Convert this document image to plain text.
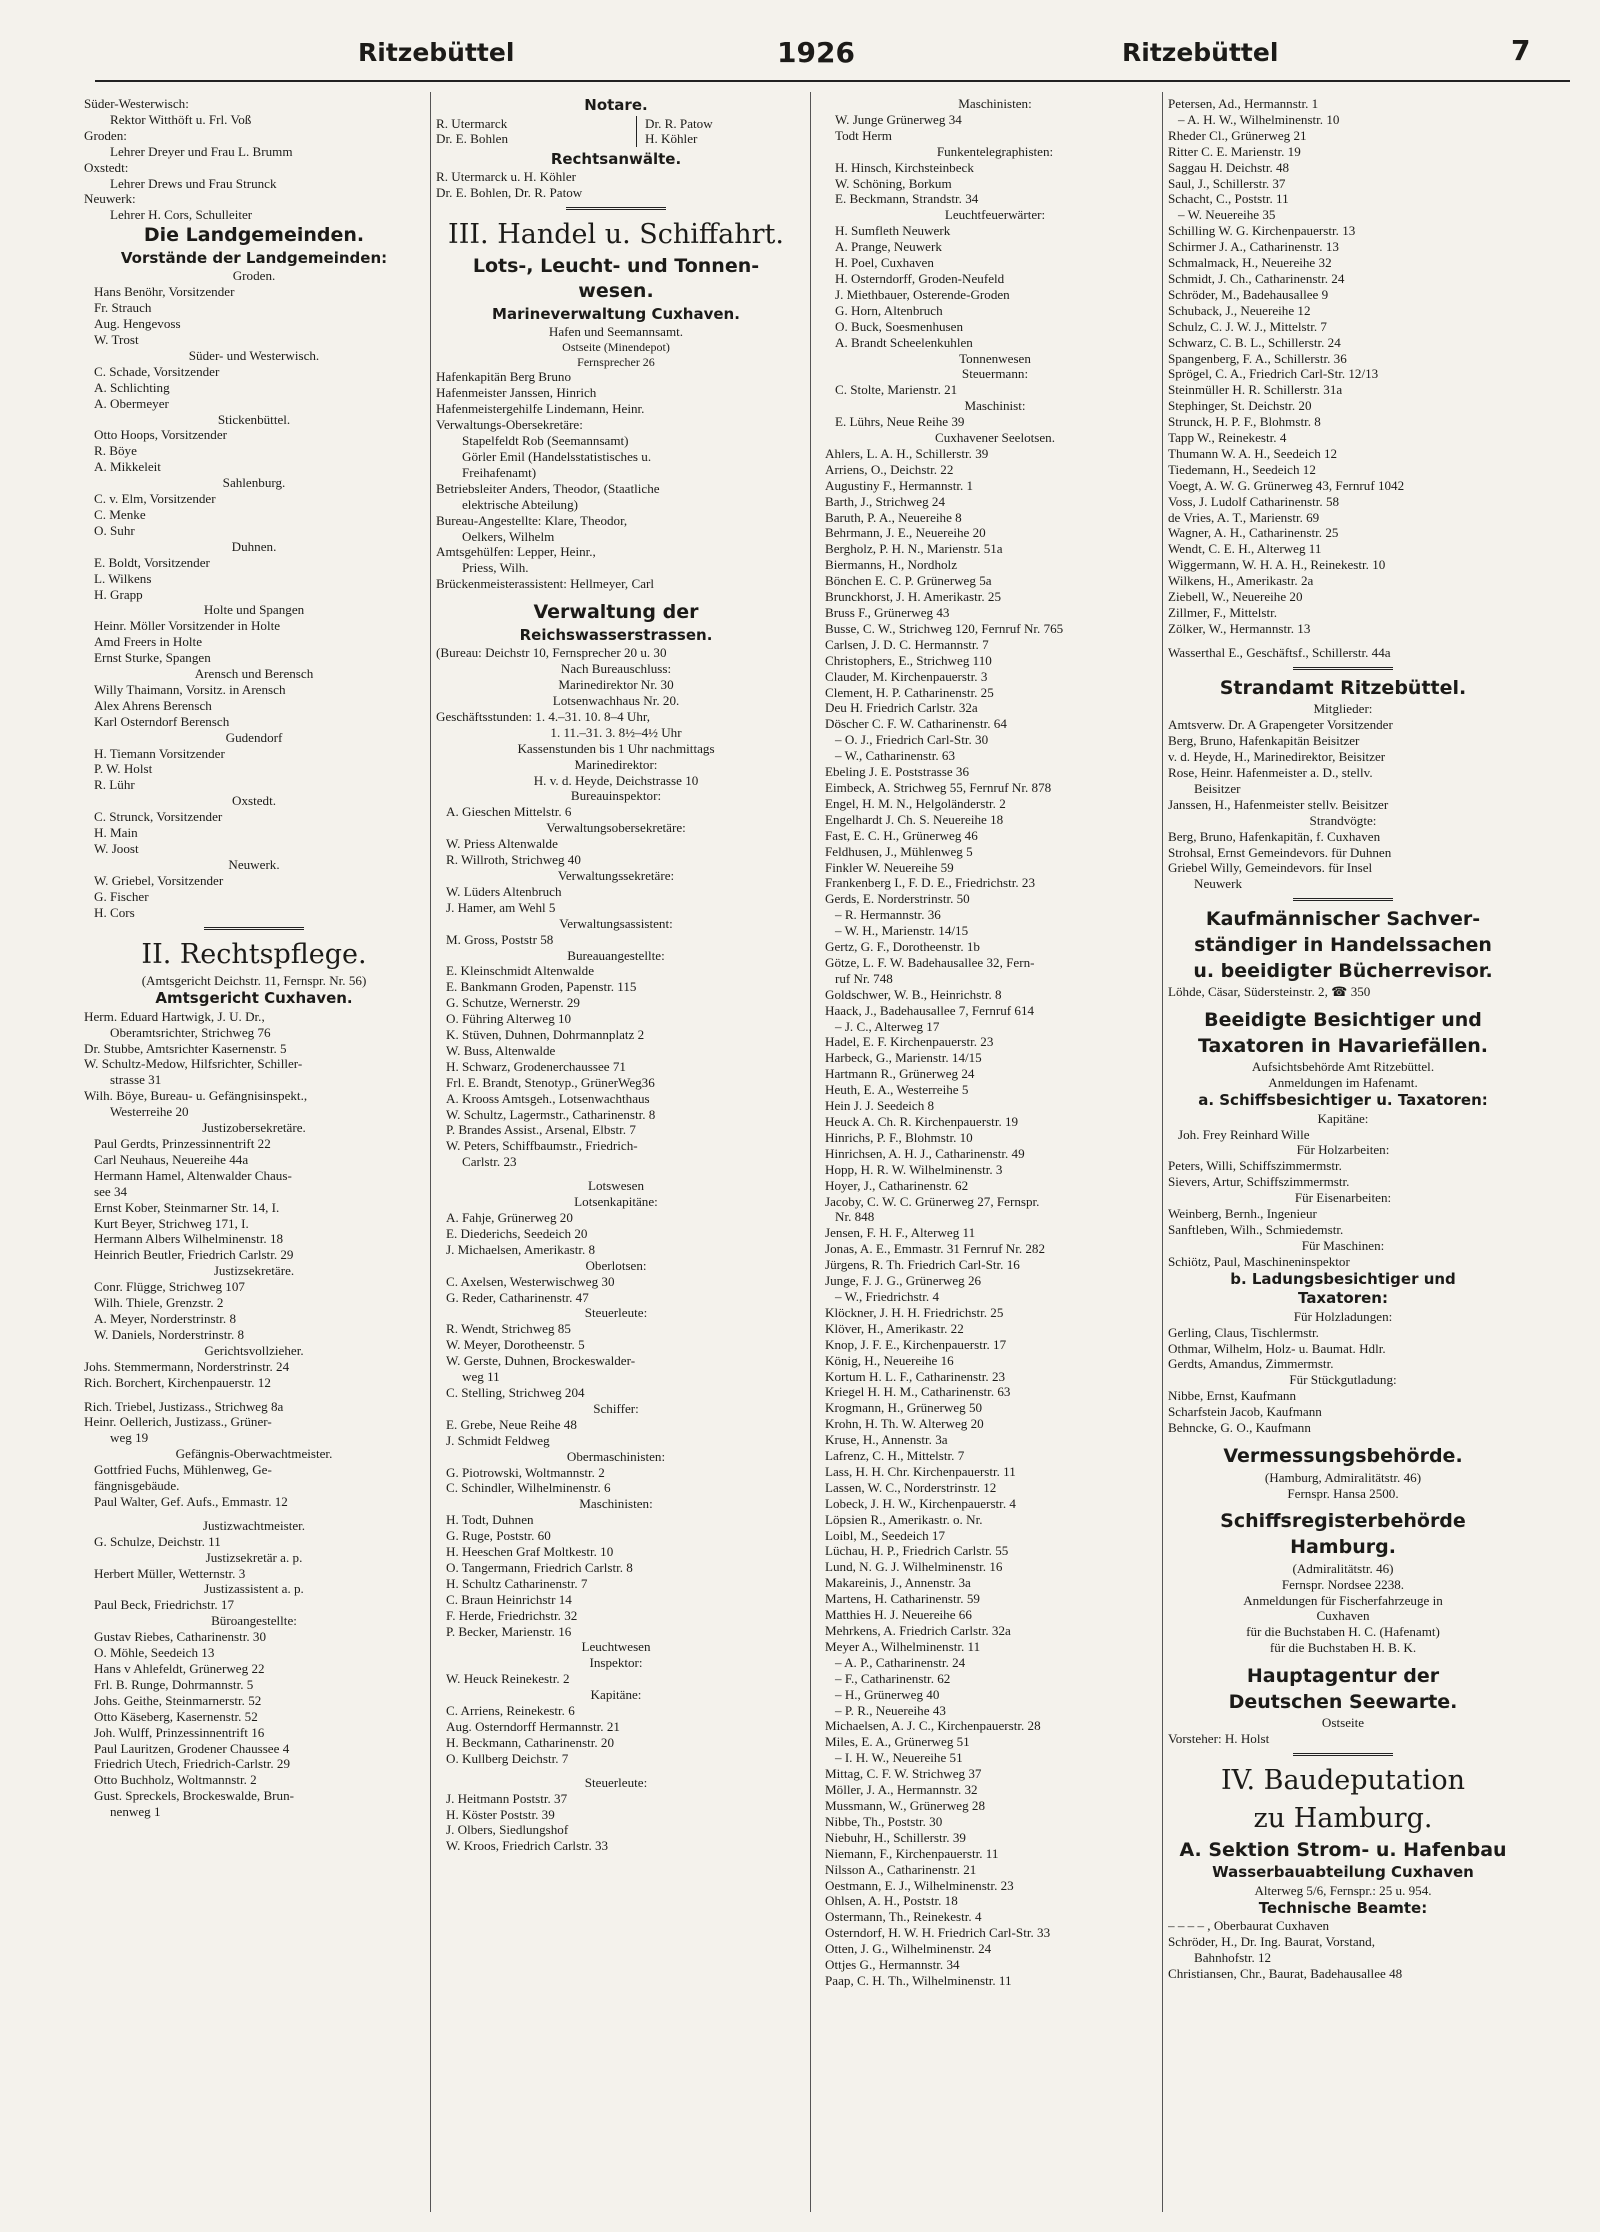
Ritzebüttel	1926	Ritzebüttel	7
Süder-Westerwisch:
Rektor Witthöft u. Frl. Voß
Groden:
Lehrer Dreyer und Frau L. Brumm
Oxstedt:
Lehrer Drews und Frau Strunck
Neuwerk:
Lehrer H. Cors, Schulleiter
Die Landgemeinden.
Vorstände der Landgemeinden:
Groden.
Hans Benöhr, Vorsitzender
Fr. Strauch
Aug. Hengevoss
W. Trost
Süder- und Westerwisch.
C. Schade, Vorsitzender
A. Schlichting
A. Obermeyer
Stickenbüttel.
Otto Hoops, Vorsitzender
R. Böye
A. Mikkeleit
Sahlenburg.
C. v. Elm, Vorsitzender
C. Menke
O. Suhr
Duhnen.
E. Boldt, Vorsitzender
L. Wilkens
H. Grapp
Holte und Spangen
Heinr. Möller Vorsitzender in Holte
Amd Freers in Holte
Ernst Sturke, Spangen
Arensch und Berensch
Willy Thaimann, Vorsitz. in Arensch
Alex Ahrens Berensch
Karl Osterndorf Berensch
Gudendorf
H. Tiemann Vorsitzender
P. W. Holst
R. Lühr
Oxstedt.
C. Strunck, Vorsitzender
H. Main
W. Joost
Neuwerk.
W. Griebel, Vorsitzender
G. Fischer
H. Cors
II. Rechtspflege.
(Amtsgericht Deichstr. 11, Fernspr. Nr. 56)
Amtsgericht Cuxhaven.
Herm. Eduard Hartwigk, J. U. Dr.,
Oberamtsrichter, Strichweg 76
Dr. Stubbe, Amtsrichter Kasernenstr. 5
W. Schultz-Medow, Hilfsrichter, Schiller-
strasse 31
Wilh. Böye, Bureau- u. Gefängnisinspekt.,
Westerreihe 20
Justizobersekretäre.
Paul Gerdts, Prinzessinnentrift 22
Carl Neuhaus, Neuereihe 44a
Hermann Hamel, Altenwalder Chaus-
see 34
Ernst Kober, Steinmarner Str. 14, I.
Kurt Beyer, Strichweg 171, I.
Hermann Albers Wilhelminenstr. 18
Heinrich Beutler, Friedrich Carlstr. 29
Justizsekretäre.
Conr. Flügge, Strichweg 107
Wilh. Thiele, Grenzstr. 2
A. Meyer, Norderstrinstr. 8
W. Daniels, Norderstrinstr. 8
Gerichtsvollzieher.
Johs. Stemmermann, Norderstrinstr. 24
Rich. Borchert, Kirchenpauerstr. 12
Rich. Triebel, Justizass., Strichweg 8a
Heinr. Oellerich, Justizass., Grüner-
weg 19
Gefängnis-Oberwachtmeister.
Gottfried Fuchs, Mühlenweg, Ge-
fängnisgebäude.
Paul Walter, Gef. Aufs., Emmastr. 12
Justizwachtmeister.
G. Schulze, Deichstr. 11
Justizsekretär a. p.
Herbert Müller, Wetternstr. 3
Justizassistent a. p.
Paul Beck, Friedrichstr. 17
Büroangestellte:
Gustav Riebes, Catharinenstr. 30
O. Möhle, Seedeich 13
Hans v Ahlefeldt, Grünerweg 22
Frl. B. Runge, Dohrmannstr. 5
Johs. Geithe, Steinmarnerstr. 52
Otto Käseberg, Kasernenstr. 52
Joh. Wulff, Prinzessinnentrift 16
Paul Lauritzen, Grodener Chaussee 4
Friedrich Utech, Friedrich-Carlstr. 29
Otto Buchholz, Woltmannstr. 2
Gust. Spreckels, Brockeswalde, Brun-
nenweg 1
Notare.
R. Utermarck
Dr. E. Bohlen
Dr. R. Patow
H. Köhler
Rechtsanwälte.
R. Utermarck u. H. Köhler
Dr. E. Bohlen, Dr. R. Patow
III. Handel u. Schiffahrt.
Lots-, Leucht- und Tonnen-
wesen.
Marineverwaltung Cuxhaven.
Hafen und Seemannsamt.
Ostseite (Minendepot)
Fernsprecher 26
Hafenkapitän Berg Bruno
Hafenmeister Janssen, Hinrich
Hafenmeistergehilfe Lindemann, Heinr.
Verwaltungs-Obersekretäre:
Stapelfeldt Rob (Seemannsamt)
Görler Emil (Handelsstatistisches u.
Freihafenamt)
Betriebsleiter Anders, Theodor, (Staatliche
elektrische Abteilung)
Bureau-Angestellte: Klare, Theodor,
Oelkers, Wilhelm
Amtsgehülfen: Lepper, Heinr.,
Priess, Wilh.
Brückenmeisterassistent: Hellmeyer, Carl
Verwaltung der
Reichswasserstrassen.
(Bureau: Deichstr 10, Fernsprecher 20 u. 30
Nach Bureauschluss:
Marinedirektor Nr. 30
Lotsenwachhaus Nr. 20.
Geschäftsstunden: 1. 4.–31. 10. 8–4 Uhr,
1. 11.–31. 3. 8½–4½ Uhr
Kassenstunden bis 1 Uhr nachmittags
Marinedirektor:
H. v. d. Heyde, Deichstrasse 10
Bureauinspektor:
A. Gieschen Mittelstr. 6
Verwaltungsobersekretäre:
W. Priess Altenwalde
R. Willroth, Strichweg 40
Verwaltungssekretäre:
W. Lüders Altenbruch
J. Hamer, am Wehl 5
Verwaltungsassistent:
M. Gross, Poststr 58
Bureauangestellte:
E. Kleinschmidt Altenwalde
E. Bankmann Groden, Papenstr. 115
G. Schutze, Wernerstr. 29
O. Führing Alterweg 10
K. Stüven, Duhnen, Dohrmannplatz 2
W. Buss, Altenwalde
H. Schwarz, Grodenerchaussee 71
Frl. E. Brandt, Stenotyp., GrünerWeg36
A. Krooss Amtsgeh., Lotsenwachthaus
W. Schultz, Lagermstr., Catharinenstr. 8
P. Brandes Assist., Arsenal, Elbstr. 7
W. Peters, Schiffbaumstr., Friedrich-
Carlstr. 23
Lotswesen
Lotsenkapitäne:
A. Fahje, Grünerweg 20
E. Diederichs, Seedeich 20
J. Michaelsen, Amerikastr. 8
Oberlotsen:
C. Axelsen, Westerwischweg 30
G. Reder, Catharinenstr. 47
Steuerleute:
R. Wendt, Strichweg 85
W. Meyer, Dorotheenstr. 5
W. Gerste, Duhnen, Brockeswalder-
weg 11
C. Stelling, Strichweg 204
Schiffer:
E. Grebe, Neue Reihe 48
J. Schmidt Feldweg
Obermaschinisten:
G. Piotrowski, Woltmannstr. 2
C. Schindler, Wilhelminenstr. 6
Maschinisten:
H. Todt, Duhnen
G. Ruge, Poststr. 60
H. Heeschen Graf Moltkestr. 10
O. Tangermann, Friedrich Carlstr. 8
H. Schultz Catharinenstr. 7
C. Braun Heinrichstr 14
F. Herde, Friedrichstr. 32
P. Becker, Marienstr. 16
Leuchtwesen
Inspektor:
W. Heuck Reinekestr. 2
Kapitäne:
C. Arriens, Reinekestr. 6
Aug. Osterndorff Hermannstr. 21
H. Beckmann, Catharinenstr. 20
O. Kullberg Deichstr. 7
Steuerleute:
J. Heitmann Poststr. 37
H. Köster Poststr. 39
J. Olbers, Siedlungshof
W. Kroos, Friedrich Carlstr. 33
Maschinisten:
W. Junge Grünerweg 34
Todt Herm
Funkentelegraphisten:
H. Hinsch, Kirchsteinbeck
W. Schöning, Borkum
E. Beckmann, Strandstr. 34
Leuchtfeuerwärter:
H. Sumfleth Neuwerk
A. Prange, Neuwerk
H. Poel, Cuxhaven
H. Osterndorff, Groden-Neufeld
J. Miethbauer, Osterende-Groden
G. Horn, Altenbruch
O. Buck, Soesmenhusen
A. Brandt Scheelenkuhlen
Tonnenwesen
Steuermann:
C. Stolte, Marienstr. 21
Maschinist:
E. Lührs, Neue Reihe 39
Cuxhavener Seelotsen.
Ahlers, L. A. H., Schillerstr. 39
Arriens, O., Deichstr. 22
Augustiny F., Hermannstr. 1
Barth, J., Strichweg 24
Baruth, P. A., Neuereihe 8
Behrmann, J. E., Neuereihe 20
Bergholz, P. H. N., Marienstr. 51a
Biermanns, H., Nordholz
Bönchen E. C. P. Grünerweg 5a
Brunckhorst, J. H. Amerikastr. 25
Bruss F., Grünerweg 43
Busse, C. W., Strichweg 120, Fernruf Nr. 765
Carlsen, J. D. C. Hermannstr. 7
Christophers, E., Strichweg 110
Clauder, M. Kirchenpauerstr. 3
Clement, H. P. Catharinenstr. 25
Deu H. Friedrich Carlstr. 32a
Döscher C. F. W. Catharinenstr. 64
– O. J., Friedrich Carl-Str. 30
– W., Catharinenstr. 63
Ebeling J. E. Poststrasse 36
Eimbeck, A. Strichweg 55, Fernruf Nr. 878
Engel, H. M. N., Helgoländerstr. 2
Engelhardt J. Ch. S. Neuereihe 18
Fast, E. C. H., Grünerweg 46
Feldhusen, J., Mühlenweg 5
Finkler W. Neuereihe 59
Frankenberg I., F. D. E., Friedrichstr. 23
Gerds, E. Norderstrinstr. 50
– R. Hermannstr. 36
– W. H., Marienstr. 14/15
Gertz, G. F., Dorotheenstr. 1b
Götze, L. F. W. Badehausallee 32, Fern-
ruf Nr. 748
Goldschwer, W. B., Heinrichstr. 8
Haack, J., Badehausallee 7, Fernruf 614
– J. C., Alterweg 17
Hadel, E. F. Kirchenpauerstr. 23
Harbeck, G., Marienstr. 14/15
Hartmann R., Grünerweg 24
Heuth, E. A., Westerreihe 5
Hein J. J. Seedeich 8
Heuck A. Ch. R. Kirchenpauerstr. 19
Hinrichs, P. F., Blohmstr. 10
Hinrichsen, A. H. J., Catharinenstr. 49
Hopp, H. R. W. Wilhelminenstr. 3
Hoyer, J., Catharinenstr. 62
Jacoby, C. W. C. Grünerweg 27, Fernspr.
Nr. 848
Jensen, F. H. F., Alterweg 11
Jonas, A. E., Emmastr. 31 Fernruf Nr. 282
Jürgens, R. Th. Friedrich Carl-Str. 16
Junge, F. J. G., Grünerweg 26
– W., Friedrichstr. 4
Klöckner, J. H. H. Friedrichstr. 25
Klöver, H., Amerikastr. 22
Knop, J. F. E., Kirchenpauerstr. 17
König, H., Neuereihe 16
Kortum H. L. F., Catharinenstr. 23
Kriegel H. H. M., Catharinenstr. 63
Krogmann, H., Grünerweg 50
Krohn, H. Th. W. Alterweg 20
Kruse, H., Annenstr. 3a
Lafrenz, C. H., Mittelstr. 7
Lass, H. H. Chr. Kirchenpauerstr. 11
Lassen, W. C., Norderstrinstr. 12
Lobeck, J. H. W., Kirchenpauerstr. 4
Löpsien R., Amerikastr. o. Nr.
Loibl, M., Seedeich 17
Lüchau, H. P., Friedrich Carlstr. 55
Lund, N. G. J. Wilhelminenstr. 16
Makareinis, J., Annenstr. 3a
Martens, H. Catharinenstr. 59
Matthies H. J. Neuereihe 66
Mehrkens, A. Friedrich Carlstr. 32a
Meyer A., Wilhelminenstr. 11
– A. P., Catharinenstr. 24
– F., Catharinenstr. 62
– H., Grünerweg 40
– P. R., Neuereihe 43
Michaelsen, A. J. C., Kirchenpauerstr. 28
Miles, E. A., Grünerweg 51
– I. H. W., Neuereihe 51
Mittag, C. F. W. Strichweg 37
Möller, J. A., Hermannstr. 32
Mussmann, W., Grünerweg 28
Nibbe, Th., Poststr. 30
Niebuhr, H., Schillerstr. 39
Niemann, F., Kirchenpauerstr. 11
Nilsson A., Catharinenstr. 21
Oestmann, E. J., Wilhelminenstr. 23
Ohlsen, A. H., Poststr. 18
Ostermann, Th., Reinekestr. 4
Osterndorf, H. W. H. Friedrich Carl-Str. 33
Otten, J. G., Wilhelminenstr. 24
Ottjes G., Hermannstr. 34
Paap, C. H. Th., Wilhelminenstr. 11
Petersen, Ad., Hermannstr. 1
– A. H. W., Wilhelminenstr. 10
Rheder Cl., Grünerweg 21
Ritter C. E. Marienstr. 19
Saggau H. Deichstr. 48
Saul, J., Schillerstr. 37
Schacht, C., Poststr. 11
– W. Neuereihe 35
Schilling W. G. Kirchenpauerstr. 13
Schirmer J. A., Catharinenstr. 13
Schmalmack, H., Neuereihe 32
Schmidt, J. Ch., Catharinenstr. 24
Schröder, M., Badehausallee 9
Schuback, J., Neuereihe 12
Schulz, C. J. W. J., Mittelstr. 7
Schwarz, C. B. L., Schillerstr. 24
Spangenberg, F. A., Schillerstr. 36
Sprögel, C. A., Friedrich Carl-Str. 12/13
Steinmüller H. R. Schillerstr. 31a
Stephinger, St. Deichstr. 20
Strunck, H. P. F., Blohmstr. 8
Tapp W., Reinekestr. 4
Thumann W. A. H., Seedeich 12
Tiedemann, H., Seedeich 12
Voegt, A. W. G. Grünerweg 43, Fernruf 1042
Voss, J. Ludolf Catharinenstr. 58
de Vries, A. T., Marienstr. 69
Wagner, A. H., Catharinenstr. 25
Wendt, C. E. H., Alterweg 11
Wiggermann, W. H. A. H., Reinekestr. 10
Wilkens, H., Amerikastr. 2a
Ziebell, W., Neuereihe 20
Zillmer, F., Mittelstr.
Zölker, W., Hermannstr. 13
Wasserthal E., Geschäftsf., Schillerstr. 44a
Strandamt Ritzebüttel.
Mitglieder:
Amtsverw. Dr. A Grapengeter Vorsitzender
Berg, Bruno, Hafenkapitän Beisitzer
v. d. Heyde, H., Marinedirektor, Beisitzer
Rose, Heinr. Hafenmeister a. D., stellv.
Beisitzer
Janssen, H., Hafenmeister stellv. Beisitzer
Strandvögte:
Berg, Bruno, Hafenkapitän, f. Cuxhaven
Strohsal, Ernst Gemeindevors. für Duhnen
Griebel Willy, Gemeindevors. für Insel
Neuwerk
Kaufmännischer Sachver-
ständiger in Handelssachen
u. beeidigter Bücherrevisor.
Löhde, Cäsar, Südersteinstr. 2, ☎ 350
Beeidigte Besichtiger und
Taxatoren in Havariefällen.
Aufsichtsbehörde Amt Ritzebüttel.
Anmeldungen im Hafenamt.
a. Schiffsbesichtiger u. Taxatoren:
Kapitäne:
Joh. Frey Reinhard Wille
Für Holzarbeiten:
Peters, Willi, Schiffszimmermstr.
Sievers, Artur, Schiffszimmermstr.
Für Eisenarbeiten:
Weinberg, Bernh., Ingenieur
Sanftleben, Wilh., Schmiedemstr.
Für Maschinen:
Schiötz, Paul, Maschineninspektor
b. Ladungsbesichtiger und
Taxatoren:
Für Holzladungen:
Gerling, Claus, Tischlermstr.
Othmar, Wilhelm, Holz- u. Baumat. Hdlr.
Gerdts, Amandus, Zimmermstr.
Für Stückgutladung:
Nibbe, Ernst, Kaufmann
Scharfstein Jacob, Kaufmann
Behncke, G. O., Kaufmann
Vermessungsbehörde.
(Hamburg, Admiralitätstr. 46)
Fernspr. Hansa 2500.
Schiffsregisterbehörde
Hamburg.
(Admiralitätstr. 46)
Fernspr. Nordsee 2238.
Anmeldungen für Fischerfahrzeuge in
Cuxhaven
für die Buchstaben H. C. (Hafenamt)
für die Buchstaben H. B. K.
Hauptagentur der
Deutschen Seewarte.
Ostseite
Vorsteher: H. Holst
IV. Baudeputation
zu Hamburg.
A. Sektion Strom- u. Hafenbau
Wasserbauabteilung Cuxhaven
Alterweg 5/6, Fernspr.: 25 u. 954.
Technische Beamte:
– – – – , Oberbaurat Cuxhaven
Schröder, H., Dr. Ing. Baurat, Vorstand,
Bahnhofstr. 12
Christiansen, Chr., Baurat, Badehausallee 48
